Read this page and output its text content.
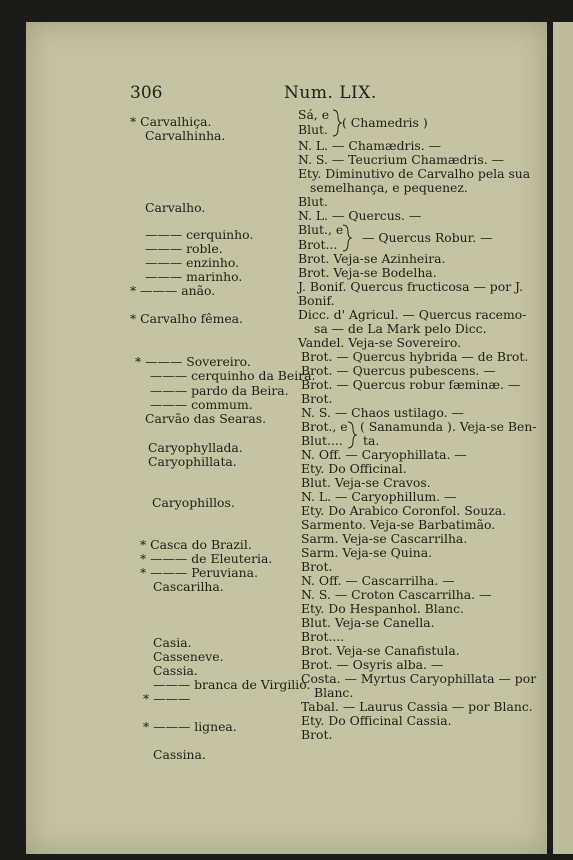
306	Num. LIX.
* Carvalhiça.
Carvalhinha.
Carvalho.
——— cerquinho.
——— roble.
——— enzinho.
——— marinho.
* ——— anão.
* Carvalho fêmea.
* ——— Sovereiro.
——— cerquinho da Beira.
——— pardo da Beira.
——— commum.
Carvão das Searas.
Caryophyllada.
Caryophillata.
Caryophillos.
* Casca do Brazil.
* ——— de Eleuteria.
* ——— Peruviana.
Cascarilha.
Casia.
Casseneve.
Cassia.
——— branca de Virgilio.
* ———
* ——— lignea.
Cassina.
Sá, e
Blut. ( Chamedris )
N. L. — Chamædris. —
N. S. — Teucrium Chamædris. —
Ety. Diminutivo de Carvalho pela sua
semelhança, e pequenez.
Blut.
N. L. — Quercus. —
Blut., e
Brot... — Quercus Robur. —
Brot. Veja-se Azinheira.
Brot. Veja-se Bodelha.
J. Bonif. Quercus fructicosa — por J.
Bonif.
Dicc. d' Agricul. — Quercus racemo-
sa — de La Mark pelo Dicc.
Vandel. Veja-se Sovereiro.
Brot. — Quercus hybrida — de Brot.
Brot. — Quercus pubescens. —
Brot. — Quercus robur fæminæ. —
Brot.
N. S. — Chaos ustilago. —
Brot., e
Blut....
( Sanamunda ). Veja-se Ben-
ta.
N. Off. — Caryophillata. —
Ety. Do Officinal.
Blut. Veja-se Cravos.
N. L. — Caryophillum. —
Ety. Do Arabico Coronfol. Souza.
Sarmento. Veja-se Barbatimão.
Sarm. Veja-se Cascarrilha.
Sarm. Veja-se Quina.
Brot.
N. Off. — Cascarrilha. —
N. S. — Croton Cascarrilha. —
Ety. Do Hespanhol. Blanc.
Blut. Veja-se Canella.
Brot....
Brot. Veja-se Canafistula.
Brot. — Osyris alba. —
Costa. — Myrtus Caryophillata — por
Blanc.
Tabal. — Laurus Cassia — por Blanc.
Ety. Do Officinal Cassia.
Brot.
